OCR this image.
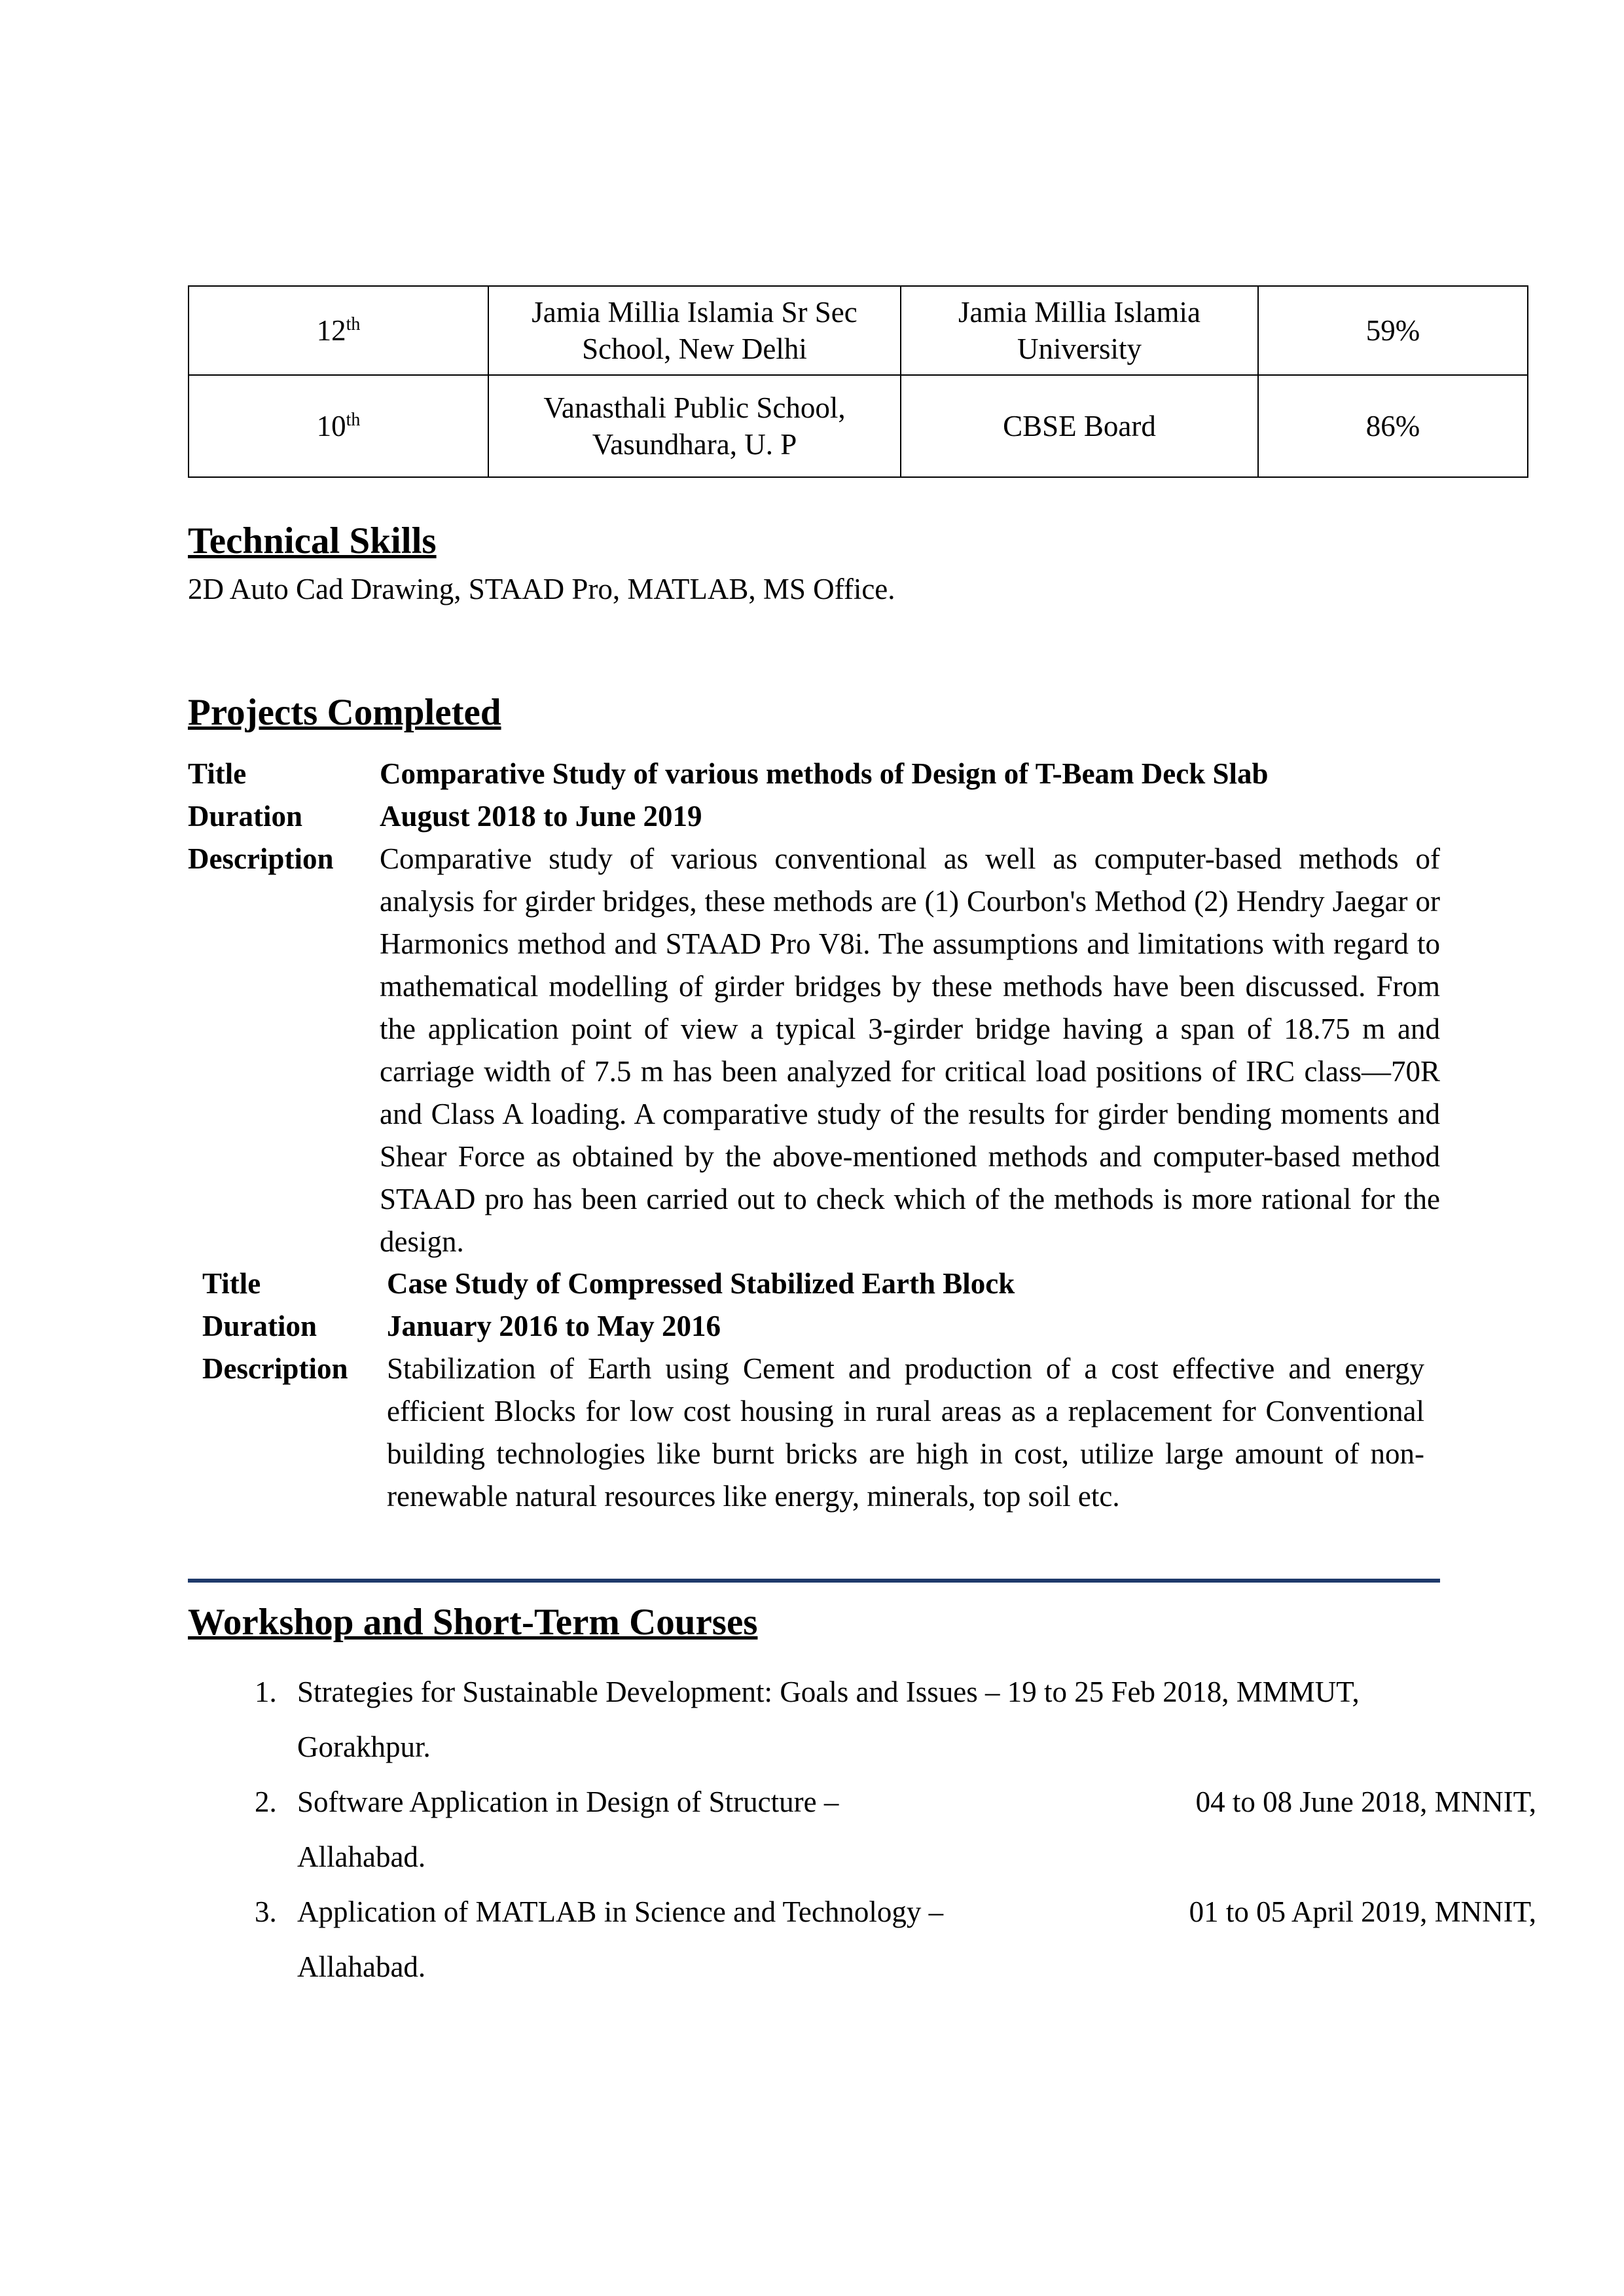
12th	Jamia Millia Islamia Sr Sec School, New Delhi	Jamia Millia Islamia University	59%
10th	Vanasthali Public School, Vasundhara, U. P	CBSE Board	86%
Technical Skills
2D Auto Cad Drawing, STAAD Pro, MATLAB, MS Office.
Projects Completed
Title	Comparative Study of various methods of Design of T-Beam Deck Slab
Duration	August 2018 to June 2019
Description Comparative study of various conventional as well as computer-based methods of analysis for girder bridges, these methods are (1) Courbon's Method (2) Hendry Jaegar or Harmonics method and STAAD Pro V8i. The assumptions and limitations with regard to mathematical modelling of girder bridges by these methods have been discussed. From the application point of view a typical 3-girder bridge having a span of 18.75 m and carriage width of 7.5 m has been analyzed for critical load positions of IRC class—70R and Class A loading. A comparative study of the results for girder bending moments and Shear Force as obtained by the above-mentioned methods and computer-based method STAAD pro has been carried out to check which of the methods is more rational for the design.
Title	Case Study of Compressed Stabilized Earth Block
Duration January 2016 to May 2016
Description Stabilization of Earth using Cement and production of a cost effective and energy efficient Blocks for low cost housing in rural areas as a replacement for Conventional building technologies like burnt bricks are high in cost, utilize large amount of non-renewable natural resources like energy, minerals, top soil etc.
Workshop and Short-Term Courses
1. Strategies for Sustainable Development: Goals and Issues – 19 to 25 Feb 2018, MMMUT,
Gorakhpur.
2. Software Application in Design of Structure –	04 to 08 June 2018, MNNIT,
Allahabad.
3. Application of MATLAB in Science and Technology –	01 to 05 April 2019, MNNIT,
Allahabad.
